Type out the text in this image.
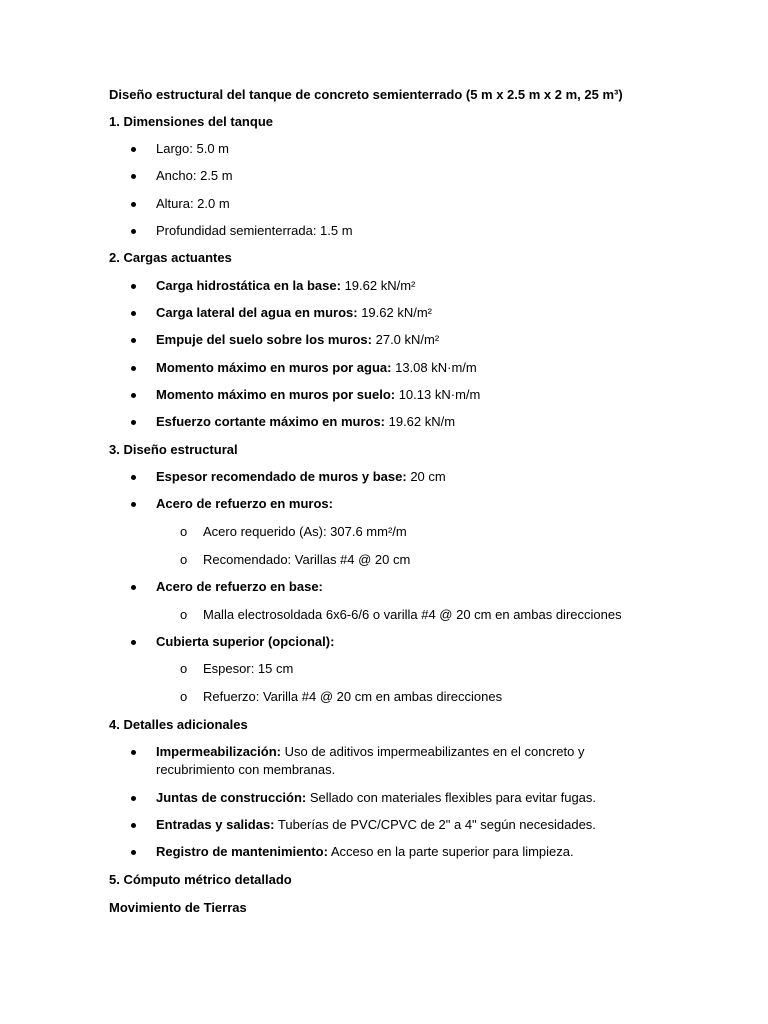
Diseño estructural del tanque de concreto semienterrado (5 m x 2.5 m x 2 m, 25 m³)
1. Dimensiones del tanque
Largo: 5.0 m
Ancho: 2.5 m
Altura: 2.0 m
Profundidad semienterrada: 1.5 m
2. Cargas actuantes
Carga hidrostática en la base: 19.62 kN/m²
Carga lateral del agua en muros: 19.62 kN/m²
Empuje del suelo sobre los muros: 27.0 kN/m²
Momento máximo en muros por agua: 13.08 kN·m/m
Momento máximo en muros por suelo: 10.13 kN·m/m
Esfuerzo cortante máximo en muros: 19.62 kN/m
3. Diseño estructural
Espesor recomendado de muros y base: 20 cm
Acero de refuerzo en muros:
o Acero requerido (As): 307.6 mm²/m
o Recomendado: Varillas #4 @ 20 cm
Acero de refuerzo en base:
o Malla electrosoldada 6x6-6/6 o varilla #4 @ 20 cm en ambas direcciones
Cubierta superior (opcional):
o Espesor: 15 cm
o Refuerzo: Varilla #4 @ 20 cm en ambas direcciones
4. Detalles adicionales
Impermeabilización: Uso de aditivos impermeabilizantes en el concreto y
recubrimiento con membranas.
Juntas de construcción: Sellado con materiales flexibles para evitar fugas.
Entradas y salidas: Tuberías de PVC/CPVC de 2" a 4" según necesidades.
Registro de mantenimiento: Acceso en la parte superior para limpieza.
5. Cómputo métrico detallado
Movimiento de Tierras
